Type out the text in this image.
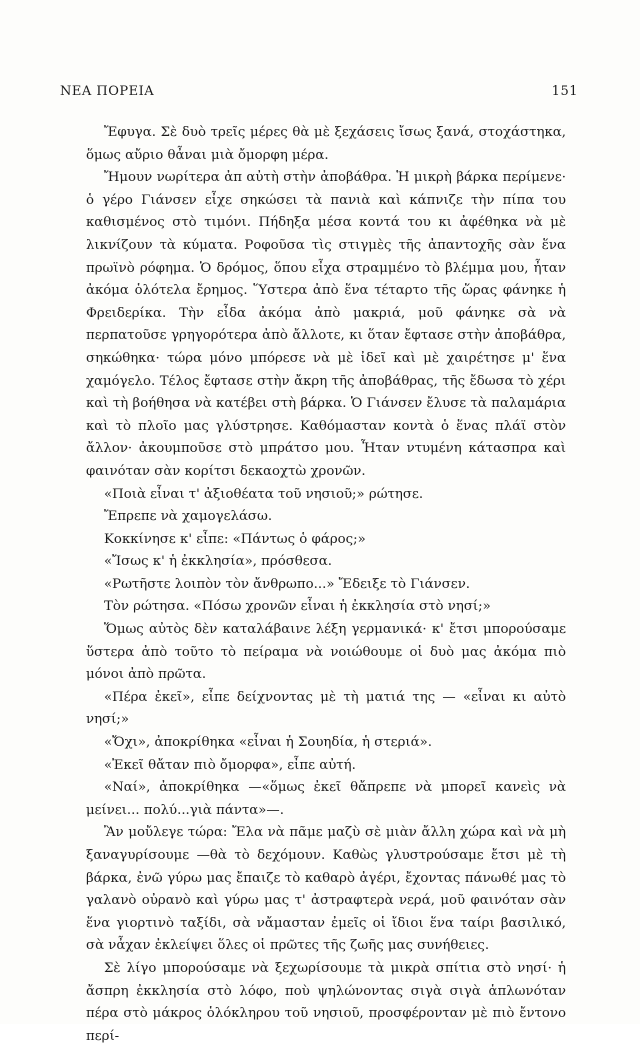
ΝΕΑ ΠΟΡΕΙΑ	151

Ἔφυγα. Σὲ δυὸ τρεῖς μέρες θὰ μὲ ξεχάσεις ἴσως ξανά, στοχάστηκα, ὅμως αὔριο θἆναι μιὰ ὄμορφη μέρα.

Ἤμουν νωρίτερα ἀπ αὐτὴ στὴν ἀποβάθρα. Ἡ μικρὴ βάρκα περίμενε· ὁ γέρο Γιάνσεν εἶχε σηκώσει τὰ πανιὰ καὶ κάπνιζε τὴν πίπα του καθισμένος στὸ τιμόνι. Πήδηξα μέσα κοντά του κι ἀφέθηκα νὰ μὲ λικνίζουν τὰ κύματα. Ροφοῦσα τὶς στιγμὲς τῆς ἀπαντοχῆς σὰν ἕνα πρωϊνὸ ρόφημα. Ὁ δρόμος, ὅπου εἶχα στραμμένο τὸ βλέμμα μου, ἦταν ἀκόμα ὁλότελα ἔρημος. Ὕστερα ἀπὸ ἕνα τέταρτο τῆς ὥρας φάνηκε ἡ Φρειδερίκα. Τὴν εἶδα ἀκόμα ἀπὸ μακριά, μοῦ φάνηκε σὰ νὰ περπατοῦσε γρηγορότερα ἀπὸ ἄλλοτε, κι ὅταν ἔφτασε στὴν ἀποβάθρα, σηκώθηκα· τώρα μόνο μπόρεσε νὰ μὲ ἰδεῖ καὶ μὲ χαιρέτησε μ' ἕνα χαμόγελο. Τέλος ἔφτασε στὴν ἄκρη τῆς ἀποβάθρας, τῆς ἔδωσα τὸ χέρι καὶ τὴ βοήθησα νὰ κατέβει στὴ βάρκα. Ὁ Γιάνσεν ἔλυσε τὰ παλαμάρια καὶ τὸ πλοῖο μας γλύστρησε. Καθόμασταν κοντὰ ὁ ἕνας πλάϊ στὸν ἄλλον· ἀκουμποῦσε στὸ μπράτσο μου. Ἦταν ντυμένη κάτασπρα καὶ φαινόταν σὰν κορίτσι δεκαοχτὼ χρονῶν.

«Ποιὰ εἶναι τ' ἀξιοθέατα τοῦ νησιοῦ;» ρώτησε.

Ἔπρεπε νὰ χαμογελάσω.

Κοκκίνησε κ' εἶπε: «Πάντως ὁ φάρος;»

«Ἴσως κ' ἡ ἐκκλησία», πρόσθεσα.

«Ρωτῆστε λοιπὸν τὸν ἄνθρωπο...» Ἔδειξε τὸ Γιάνσεν.

Τὸν ρώτησα. «Πόσω χρονῶν εἶναι ἡ ἐκκλησία στὸ νησί;»

Ὅμως αὐτὸς δὲν καταλάβαινε λέξη γερμανικά· κ' ἔτσι μπορούσαμε ὕστερα ἀπὸ τοῦτο τὸ πείραμα νὰ νοιώθουμε οἱ δυὸ μας ἀκόμα πιὸ μόνοι ἀπὸ πρῶτα.

«Πέρα ἐκεῖ», εἶπε δείχνοντας μὲ τὴ ματιά της — «εἶναι κι αὐτὸ νησί;»

«Ὄχι», ἀποκρίθηκα «εἶναι ἡ Σουηδία, ἡ στεριά».

«Ἐκεῖ θἄταν πιὸ ὄμορφα», εἶπε αὐτή.

«Ναί», ἀποκρίθηκα —«ὅμως ἐκεῖ θἄπρεπε νὰ μπορεῖ κανεὶς νὰ μείνει... πολύ...γιὰ πάντα»—.

Ἂν μοὔλεγε τώρα: Ἔλα νὰ πᾶμε μαζὺ σὲ μιὰν ἄλλη χώρα καὶ νὰ μὴ ξαναγυρίσουμε —θὰ τὸ δεχόμουν. Καθὼς γλυστρούσαμε ἔτσι μὲ τὴ βάρκα, ἐνῶ γύρω μας ἔπαιζε τὸ καθαρὸ ἀγέρι, ἔχοντας πάνωθέ μας τὸ γαλανὸ οὐρανὸ καὶ γύρω μας τ' ἀστραφτερὰ νερά, μοῦ φαινόταν σὰν ἕνα γιορτινὸ ταξίδι, σὰ νἄμασταν ἐμεῖς οἱ ἴδιοι ἕνα ταίρι βασιλικό, σὰ νἆχαν ἐκλείψει ὅλες οἱ πρῶτες τῆς ζωῆς μας συνήθειες.

Σὲ λίγο μπορούσαμε νὰ ξεχωρίσουμε τὰ μικρὰ σπίτια στὸ νησί· ἡ ἄσπρη ἐκκλησία στὸ λόφο, ποὺ ψηλώνοντας σιγὰ σιγὰ ἁπλωνόταν πέρα στὸ μάκρος ὁλόκληρου τοῦ νησιοῦ, προσφέρονταν μὲ πιὸ ἔντονο περί-
